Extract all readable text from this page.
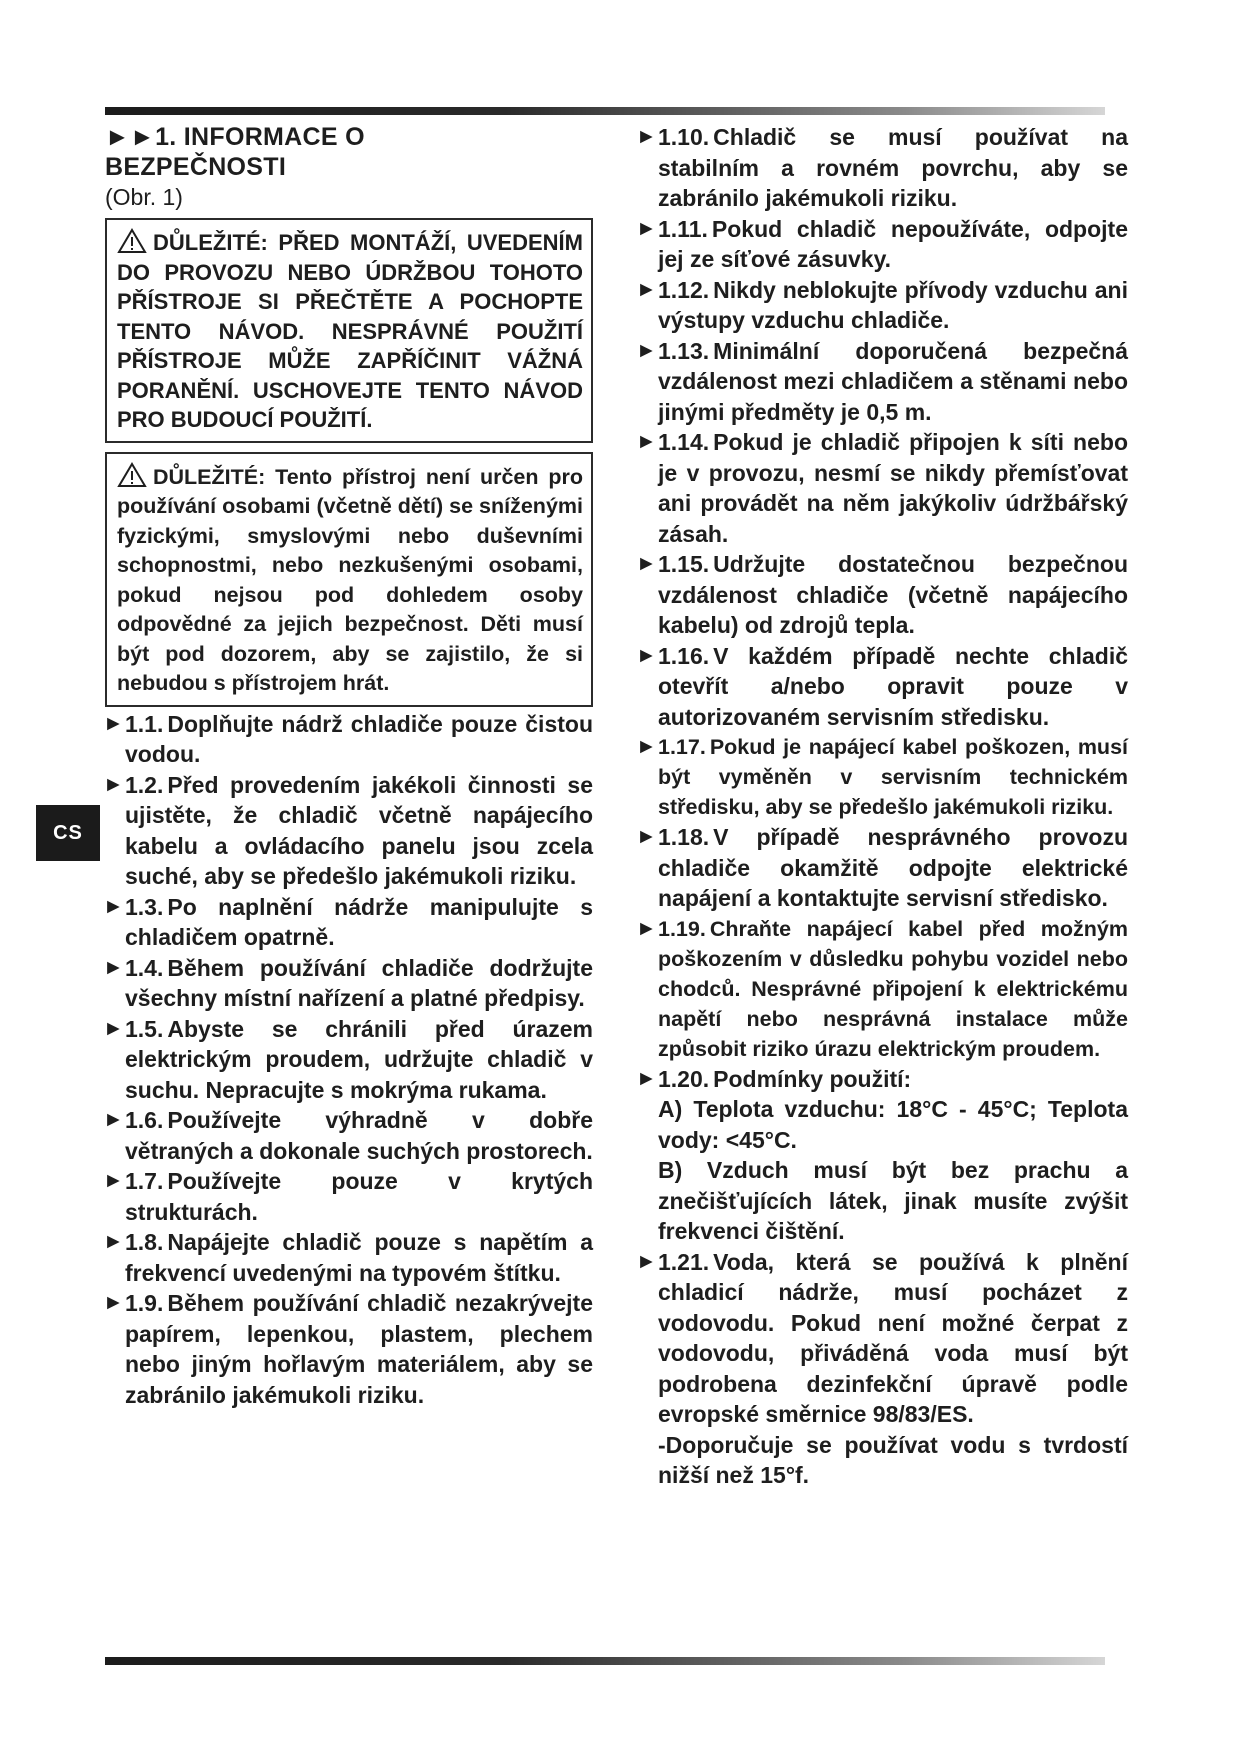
CS

►►1. INFORMACE O
BEZPEČNOSTI

(Obr. 1)

DŮLEŽITÉ: PŘED MONTÁŽÍ, UVEDENÍM DO PROVOZU NEBO ÚDRŽBOU TOHOTO PŘÍSTROJE SI PŘEČTĚTE A POCHOPTE TENTO NÁVOD. NESPRÁVNÉ POUŽITÍ PŘÍSTROJE MŮŽE ZAPŘÍČINIT VÁŽNÁ PORANĚNÍ. USCHOVEJTE TENTO NÁVOD PRO BUDOUCÍ POUŽITÍ.
DŮLEŽITÉ: Tento přístroj není určen pro používání osobami (včetně dětí) se sníženými fyzickými, smyslovými nebo duševními schopnostmi, nebo nezkušenými osobami, pokud nejsou pod dohledem osoby odpovědné za jejich bezpečnost. Děti musí být pod dozorem, aby se zajistilo, že si nebudou s přístrojem hrát.

► 1.1. Doplňujte nádrž chladiče pouze čistou vodou.

► 1.2. Před provedením jakékoli činnosti se ujistěte, že chladič včetně napájecího kabelu a ovládacího panelu jsou zcela suché, aby se předešlo jakémukoli riziku.

► 1.3. Po naplnění nádrže manipulujte s chladičem opatrně.

► 1.4. Během používání chladiče dodržujte všechny místní nařízení a platné předpisy.

► 1.5. Abyste se chránili před úrazem elektrickým proudem, udržujte chladič v suchu. Nepracujte s mokrýma rukama.

► 1.6. Používejte výhradně v dobře větraných a dokonale suchých prostorech.

► 1.7. Používejte pouze v krytých strukturách.

► 1.8. Napájejte chladič pouze s napětím a frekvencí uvedenými na typovém štítku.

► 1.9. Během používání chladič nezakrývejte papírem, lepenkou, plastem, plechem nebo jiným hořlavým materiálem, aby se zabránilo jakémukoli riziku.

► 1.10. Chladič se musí používat na stabilním a rovném povrchu, aby se zabránilo jakémukoli riziku.

► 1.11. Pokud chladič nepoužíváte, odpojte jej ze síťové zásuvky.

► 1.12. Nikdy neblokujte přívody vzduchu ani výstupy vzduchu chladiče.

► 1.13. Minimální doporučená bezpečná vzdálenost mezi chladičem a stěnami nebo jinými předměty je 0,5 m.

► 1.14. Pokud je chladič připojen k síti nebo je v provozu, nesmí se nikdy přemísťovat ani provádět na něm jakýkoliv údržbářský zásah.

► 1.15. Udržujte dostatečnou bezpečnou vzdálenost chladiče (včetně napájecího kabelu) od zdrojů tepla.

► 1.16. V každém případě nechte chladič otevřít a/nebo opravit pouze v autorizovaném servisním středisku.

► 1.17. Pokud je napájecí kabel poškozen, musí být vyměněn v servisním technickém středisku, aby se předešlo jakémukoli riziku.

► 1.18. V případě nesprávného provozu chladiče okamžitě odpojte elektrické napájení a kontaktujte servisní středisko.

► 1.19. Chraňte napájecí kabel před možným poškozením v důsledku pohybu vozidel nebo chodců. Nesprávné připojení k elektrickému napětí nebo nesprávná instalace může způsobit riziko úrazu elektrickým proudem.

► 1.20. Podmínky použití:
A) Teplota vzduchu: 18°C - 45°C; Teplota vody: <45°C.
B) Vzduch musí být bez prachu a znečišťujících látek, jinak musíte zvýšit frekvenci čištění.

► 1.21. Voda, která se používá k plnění chladicí nádrže, musí pocházet z vodovodu. Pokud není možné čerpat z vodovodu, přiváděná voda musí být podrobena dezinfekční úpravě podle evropské směrnice 98/83/ES.
-Doporučuje se používat vodu s tvrdostí nižší než 15°f.
